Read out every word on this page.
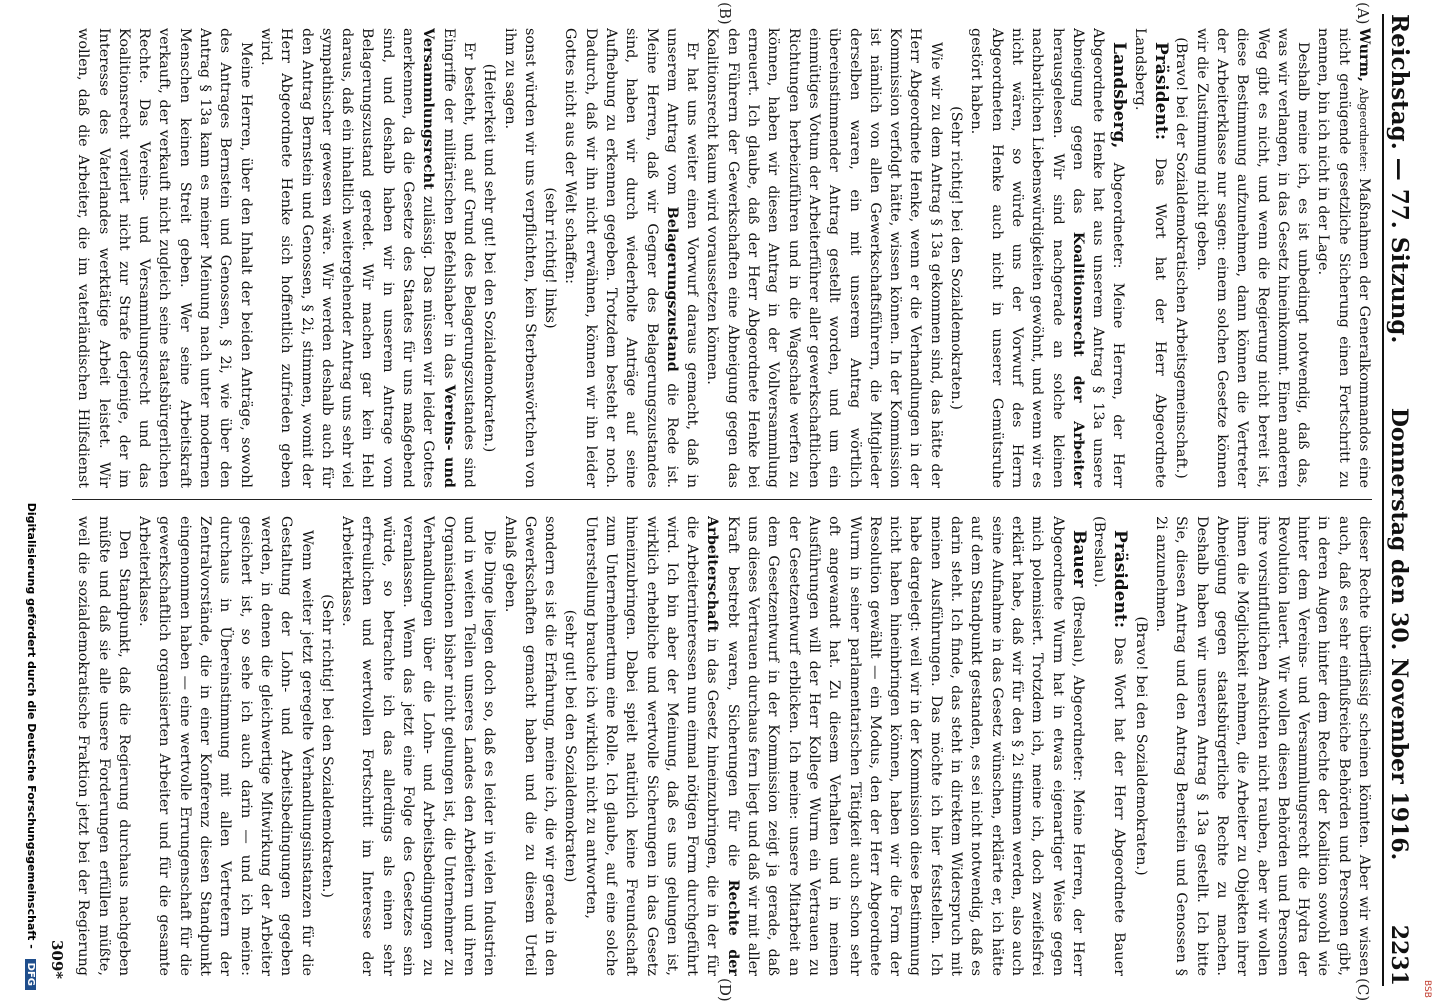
BSB
Reichstag. — 77. Sitzung.
Donnerstag den 30. November 1916.
2231
(A)
(B)
(C)
(D)

Wurm, Abgeordneter: Maßnahmen der Generalkommandos eine nicht genügende gesetzliche Sicherung einen Fortschritt zu nennen, bin ich nicht in der Lage.

Deshalb meine ich, es ist unbedingt notwendig, daß das, was wir verlangen, in das Gesetz hineinkommt. Einen anderen Weg gibt es nicht, und wenn die Regierung nicht bereit ist, diese Bestimmung aufzunehmen, dann können die Vertreter der Arbeiterklasse nur sagen: einem solchen Gesetze können wir die Zustimmung nicht geben.

(Bravo! bei der Sozialdemokratischen Arbeitsgemeinschaft.)

Präsident: Das Wort hat der Herr Abgeordnete Landsberg.

Landsberg, Abgeordneter: Meine Herren, der Herr Abgeordnete Henke hat aus unserem Antrag § 13a unsere Abneigung gegen das Koalitionsrecht der Arbeiter herausgelesen. Wir sind nachgerade an solche kleinen nachbarlichen Liebenswürdigkeiten gewöhnt, und wenn wir es nicht wären, so würde uns der Vorwurf des Herrn Abgeordneten Henke auch nicht in unserer Gemütsruhe gestört haben.

(Sehr richtig! bei den Sozialdemokraten.)

Wie wir zu dem Antrag § 13a gekommen sind, das hätte der Herr Abgeordnete Henke, wenn er die Verhandlungen in der Kommission verfolgt hätte, wissen können. In der Kommission ist nämlich von allen Gewerkschaftsführern, die Mitglieder derselben waren, ein mit unserem Antrag wörtlich übereinstimmender Antrag gestellt worden, und um ein einmütiges Votum der Arbeiterführer aller gewerkschaftlichen Richtungen herbeizuführen und in die Wagschale werfen zu können, haben wir diesen Antrag in der Vollversammlung erneuert. Ich glaube, daß der Herr Abgeordnete Henke bei den Führern der Gewerkschaften eine Abneigung gegen das Koalitionsrecht kaum wird voraussetzen können.

Er hat uns weiter einen Vorwurf daraus gemacht, daß in unserem Antrag vom Belagerungszustand die Rede ist. Meine Herren, daß wir Gegner des Belagerungszustandes sind, haben wir durch wiederholte Anträge auf seine Aufhebung zu erkennen gegeben. Trotzdem besteht er noch. Dadurch, daß wir ihn nicht erwähnen, können wir ihn leider Gottes nicht aus der Welt schaffen:

(sehr richtig! links)

sonst würden wir uns verpflichten, kein Sterbenswörtchen von ihm zu sagen.

(Heiterkeit und sehr gut! bei den Sozialdemokraten.)

Er besteht, und auf Grund des Belagerungszustandes sind Eingriffe der militärischen Befehlshaber in das Vereins- und Versammlungsrecht zulässig. Das müssen wir leider Gottes anerkennen, da die Gesetze des Staates für uns maßgebend sind, und deshalb haben wir in unserem Antrage vom Belagerungszustand geredet. Wir machen gar kein Hehl daraus, daß ein inhaltlich weitergehender Antrag uns sehr viel sympathischer gewesen wäre. Wir werden deshalb auch für den Antrag Bernstein und Genossen, § 2i, stimmen, womit der Herr Abgeordnete Henke sich hoffentlich zufrieden geben wird.

Meine Herren, über den Inhalt der beiden Anträge, sowohl des Antrages Bernstein und Genossen, § 2i, wie über den Antrag § 13a kann es meiner Meinung nach unter modernen Menschen keinen Streit geben. Wer seine Arbeitskraft verkauft, der verkauft nicht zugleich seine staatsbürgerlichen Rechte. Das Vereins- und Versammlungsrecht und das Koalitionsrecht verliert nicht zur Strafe derjenige, der im Interesse des Vaterlandes werktätige Arbeit leistet. Wir wollen, daß die Arbeiter, die im vaterländischen Hilfsdienst

dieser Rechte überflüssig scheinen könnten. Aber wir wissen auch, daß es sehr einflußreiche Behörden und Personen gibt, in deren Augen hinter dem Rechte der Koalition sowohl wie hinter dem Vereins- und Versammlungsrecht die Hydra der Revolution lauert. Wir wollen diesen Behörden und Personen ihre vorsintflutlichen Ansichten nicht rauben, aber wir wollen ihnen die Möglichkeit nehmen, die Arbeiter zu Objekten ihrer Abneigung gegen staatsbürgerliche Rechte zu machen. Deshalb haben wir unseren Antrag § 13a gestellt. Ich bitte Sie, diesen Antrag und den Antrag Bernstein und Genossen § 2i anzunehmen.

(Bravo! bei den Sozialdemokraten.)

Präsident: Das Wort hat der Herr Abgeordnete Bauer (Breslau).

Bauer (Breslau), Abgeordneter: Meine Herren, der Herr Abgeordnete Wurm hat in etwas eigenartiger Weise gegen mich polemisiert. Trotzdem ich, meine ich, doch zweifelsfrei erklärt habe, daß wir für den § 2i stimmen werden, also auch seine Aufnahme in das Gesetz wünschen, erklärte er, ich hätte auf dem Standpunkt gestanden, es sei nicht notwendig, daß es darin steht. Ich finde, das steht in direktem Widerspruch mit meinen Ausführungen. Das möchte ich hier feststellen. Ich habe dargelegt: weil wir in der Kommission diese Bestimmung nicht haben hineinbringen können, haben wir die Form der Resolution gewählt — ein Modus, den der Herr Abgeordnete Wurm in seiner parlamentarischen Tätigkeit auch schon sehr oft angewandt hat. Zu diesem Verhalten und in meinen Ausführungen will der Herr Kollege Wurm ein Vertrauen zu der Gesetzentwurf erblicken. Ich meine: unsere Mitarbeit an dem Gesetzentwurf in der Kommission zeigt ja gerade, daß uns dieses Vertrauen durchaus fern liegt und daß wir mit aller Kraft bestrebt waren, Sicherungen für die Rechte der Arbeiterschaft in das Gesetz hineinzubringen, die in der für die Arbeiterinteressen nun einmal nötigen Form durchgeführt wird. Ich bin aber der Meinung, daß es uns gelungen ist, wirklich erhebliche und wertvolle Sicherungen in das Gesetz hineinzubringen. Dabei spielt natürlich keine Freundschaft zum Unternehmertum eine Rolle. Ich glaube, auf eine solche Unterstellung brauche ich wirklich nicht zu antworten,

(sehr gut! bei den Sozialdemokraten)

sondern es ist die Erfahrung, meine ich, die wir gerade in den Gewerkschaften gemacht haben und die zu diesem Urteil Anlaß geben.

Die Dinge liegen doch so, daß es leider in vielen Industrien und in weiten Teilen unseres Landes den Arbeitern und ihren Organisationen bisher nicht gelungen ist, die Unternehmer zu Verhandlungen über die Lohn- und Arbeitsbedingungen zu veranlassen. Wenn das jetzt eine Folge des Gesetzes sein würde, so betrachte ich das allerdings als einen sehr erfreulichen und wertvollen Fortschritt im Interesse der Arbeiterklasse.

(Sehr richtig! bei den Sozialdemokraten.)

Wenn weiter jetzt geregelte Verhandlungsinstanzen für die Gestaltung der Lohn- und Arbeitsbedingungen gegeben werden, in denen die gleichwertige Mitwirkung der Arbeiter gesichert ist, so sehe ich auch darin — und ich meine: durchaus in Übereinstimmung mit allen Vertretern der Zentralvorstände, die in einer Konferenz diesen Standpunkt eingenommen haben — eine wertvolle Errungenschaft für die gewerkschaftlich organisierten Arbeiter und für die gesamte Arbeiterklasse.

Den Standpunkt, daß die Regierung durchaus nachgeben müßte und daß sie alle unsere Forderungen erfüllen müßte, weil die sozialdemokratische Fraktion jetzt bei der Regierung

309*
Digitalisierung gefördert durch die Deutsche Forschungsgemeinschaft - DFG
